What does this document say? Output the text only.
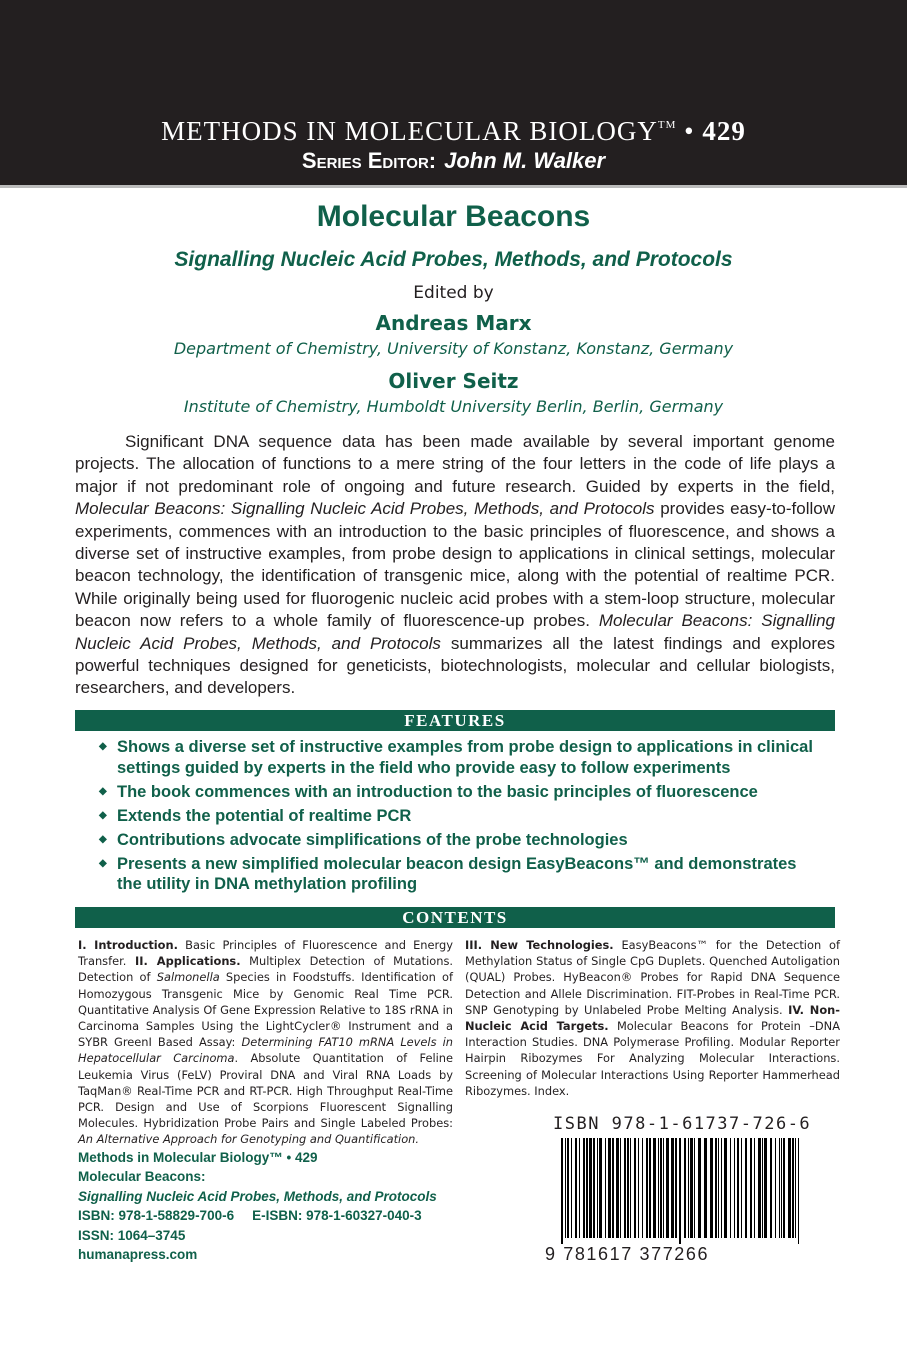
METHODS IN MOLECULAR BIOLOGY™ • 429
Series Editor: John M. Walker
Molecular Beacons
Signalling Nucleic Acid Probes, Methods, and Protocols
Edited by
Andreas Marx
Department of Chemistry, University of Konstanz, Konstanz, Germany
Oliver Seitz
Institute of Chemistry, Humboldt University Berlin, Berlin, Germany

Significant DNA sequence data has been made available by several important genome projects. The allocation of functions to a mere string of the four letters in the code of life plays a major if not predominant role of ongoing and future research. Guided by experts in the field, Molecular Beacons: Signalling Nucleic Acid Probes, Methods, and Protocols provides easy-to-follow experiments, commences with an introduction to the basic principles of fluorescence, and shows a diverse set of instructive examples, from probe design to applications in clinical settings, molecular beacon technology, the identification of transgenic mice, along with the potential of realtime PCR. While originally being used for fluorogenic nucleic acid probes with a stem-loop structure, molecular beacon now refers to a whole family of fluorescence-up probes. Molecular Beacons: Signalling Nucleic Acid Probes, Methods, and Protocols summarizes all the latest findings and explores powerful techniques designed for geneticists, biotechnologists, molecular and cellular biologists, researchers, and developers.

FEATURES
◆ Shows a diverse set of instructive examples from probe design to applications in clinical settings guided by experts in the field who provide easy to follow experiments
◆ The book commences with an introduction to the basic principles of fluorescence
◆ Extends the potential of realtime PCR
◆ Contributions advocate simplifications of the probe technologies
◆ Presents a new simplified molecular beacon design EasyBeacons™ and demonstrates the utility in DNA methylation profiling
CONTENTS

I. Introduction. Basic Principles of Fluorescence and Energy Transfer. II. Applications. Multiplex Detection of Mutations. Detection of Salmonella Species in Foodstuffs. Identification of Homozygous Transgenic Mice by Genomic Real Time PCR. Quantitative Analysis Of Gene Expression Relative to 18S rRNA in Carcinoma Samples Using the LightCycler® Instrument and a SYBR GreenI Based Assay: Determining FAT10 mRNA Levels in Hepatocellular Carcinoma. Absolute Quantitation of Feline Leukemia Virus (FeLV) Proviral DNA and Viral RNA Loads by TaqMan® Real-Time PCR and RT-PCR. High Throughput Real-Time PCR. Design and Use of Scorpions Fluorescent Signalling Molecules. Hybridization Probe Pairs and Single Labeled Probes: An Alternative Approach for Genotyping and Quantification.

III. New Technologies. EasyBeacons™ for the Detection of Methylation Status of Single CpG Duplets. Quenched Autoligation (QUAL) Probes. HyBeacon® Probes for Rapid DNA Sequence Detection and Allele Discrimination. FIT-Probes in Real-Time PCR. SNP Genotyping by Unlabeled Probe Melting Analysis. IV. Non-Nucleic Acid Targets. Molecular Beacons for Protein –DNA Interaction Studies. DNA Polymerase Profiling. Modular Reporter Hairpin Ribozymes For Analyzing Molecular Interactions. Screening of Molecular Interactions Using Reporter Hammerhead Ribozymes. Index.

Methods in Molecular Biology™ • 429
Molecular Beacons:
Signalling Nucleic Acid Probes, Methods, and Protocols
ISBN: 978-1-58829-700-6 E-ISBN: 978-1-60327-040-3
ISSN: 1064–3745
humanapress.com
ISBN 978-1-61737-726-6
9 781617 377266
